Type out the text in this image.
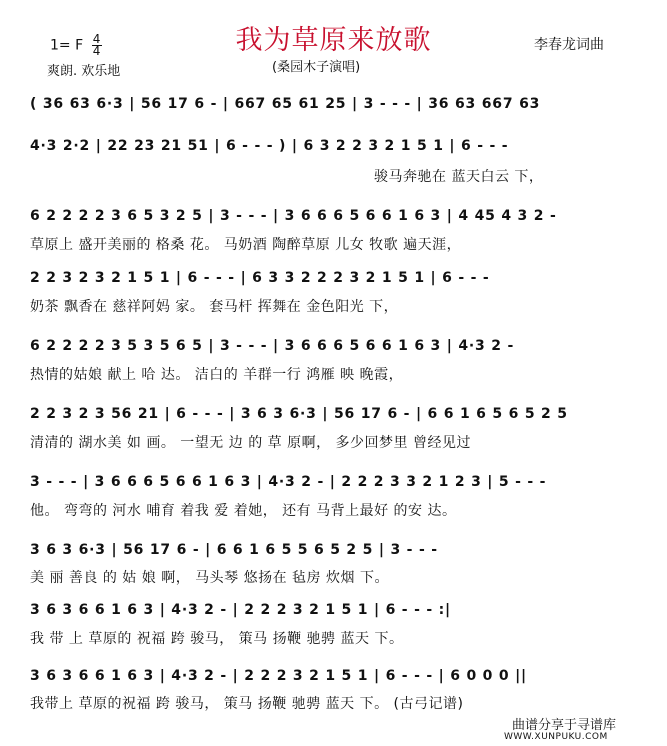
我为草原来放歌
1= F $\frac{4}{4}$
爽朗. 欢乐地	(桑园木子演唱)
李春龙词曲
( 36 63 6·3 | 56 17 6 - | 667 65 61 25 | 3 - - - | 36 63 667 63
4·3 2·2 | 22 23 21 51 | 6 - - - ) | 6 3 2 2 3 2 1 5 1 | 6 - - -
骏马奔驰在 蓝天白云 下，
6 2 2 2 2 3 6 5 3 2 5 | 3 - - - | 3 6 6 6 5 6 6 1 6 3 | 4 45 4 3 2 -
草原上 盛开美丽的 格桑 花。 马奶酒 陶醉草原 儿女 牧歌 遍天涯，
2 2 3 2 3 2 1 5 1 | 6 - - - | 6 3 3 2 2 2 3 2 1 5 1 | 6 - - -
奶茶 飘香在 慈祥阿妈 家。 套马杆 挥舞在 金色阳光 下，
6 2 2 2 2 3 5 3 5 6 5 | 3 - - - | 3 6 6 6 5 6 6 1 6 3 | 4·3 2 -
热情的姑娘 献上 哈 达。 洁白的 羊群一行 鸿雁 映 晚霞，
2 2 3 2 3 56 21 | 6 - - - | 3 6 3 6·3 | 56 17 6 - | 6 6 1 6 5 6 5 2 5
清清的 湖水美 如 画。 一望无 边 的 草 原啊， 多少回梦里 曾经见过
3 - - - | 3 6 6 6 5 6 6 1 6 3 | 4·3 2 - | 2 2 2 3 3 2 1 2 3 | 5 - - -
他。 弯弯的 河水 哺育 着我 爱 着她， 还有 马背上最好 的安 达。
3 6 3 6·3 | 56 17 6 - | 6 6 1 6 5 5 6 5 2 5 | 3 - - -
美 丽 善良 的 姑 娘 啊， 马头琴 悠扬在 毡房 炊烟 下。
3 6 3 6 6 1 6 3 | 4·3 2 - | 2 2 2 3 2 1 5 1 | 6 - - - :|
我 带 上 草原的 祝福 跨 骏马， 策马 扬鞭 驰骋 蓝天 下。
3 6 3 6 6 1 6 3 | 4·3 2 - | 2 2 2 3 2 1 5 1 | 6 - - - | 6 0 0 0 ||
我带上 草原的祝福 跨 骏马， 策马 扬鞭 驰骋 蓝天 下。 (古弓记谱)
曲谱分享于寻谱库
WWW.XUNPUKU.COM
